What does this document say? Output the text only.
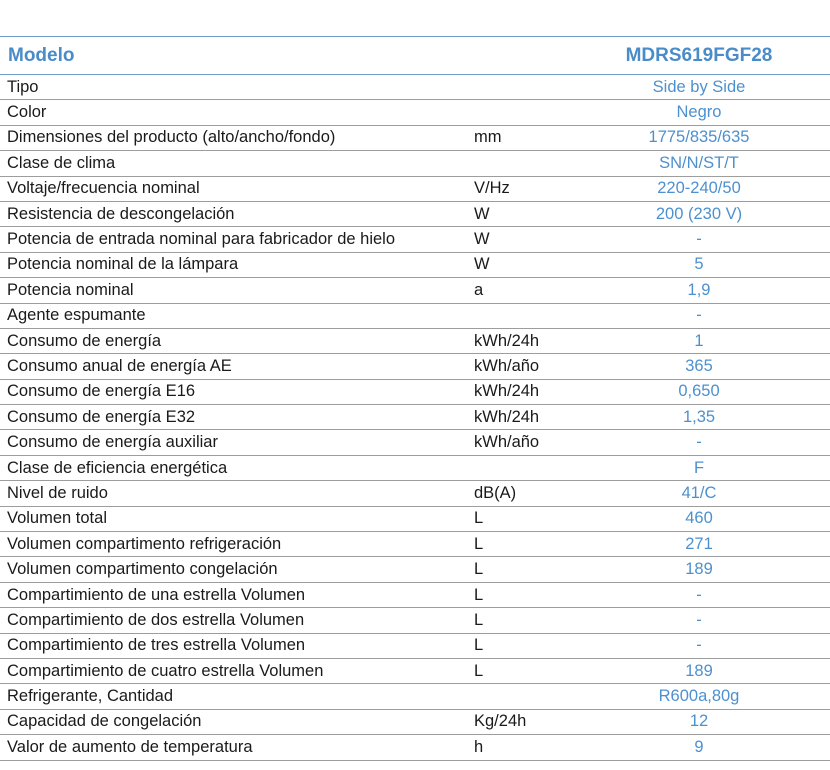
Modelo		MDRS619FGF28
Tipo		Side by Side
Color		Negro
Dimensiones del producto (alto/ancho/fondo)	mm	1775/835/635
Clase de clima		SN/N/ST/T
Voltaje/frecuencia nominal	V/Hz	220-240/50
Resistencia de descongelación	W	200 (230 V)
Potencia de entrada nominal para fabricador de hielo	W	-
Potencia nominal de la lámpara	W	5
Potencia nominal	a	1,9
Agente espumante		-
Consumo de energía	kWh/24h	1
Consumo anual de energía AE	kWh/año	365
Consumo de energía E16	kWh/24h	0,650
Consumo de energía E32	kWh/24h	1,35
Consumo de energía auxiliar	kWh/año	-
Clase de eficiencia energética		F
Nivel de ruido	dB(A)	41/C
Volumen total	L	460
Volumen compartimento refrigeración	L	271
Volumen compartimento congelación	L	189
Compartimiento de una estrella Volumen	L	-
Compartimiento de dos estrella Volumen	L	-
Compartimiento de tres estrella Volumen	L	-
Compartimiento de cuatro estrella Volumen	L	189
Refrigerante, Cantidad		R600a,80g
Capacidad de congelación	Kg/24h	12
Valor de aumento de temperatura	h	9
